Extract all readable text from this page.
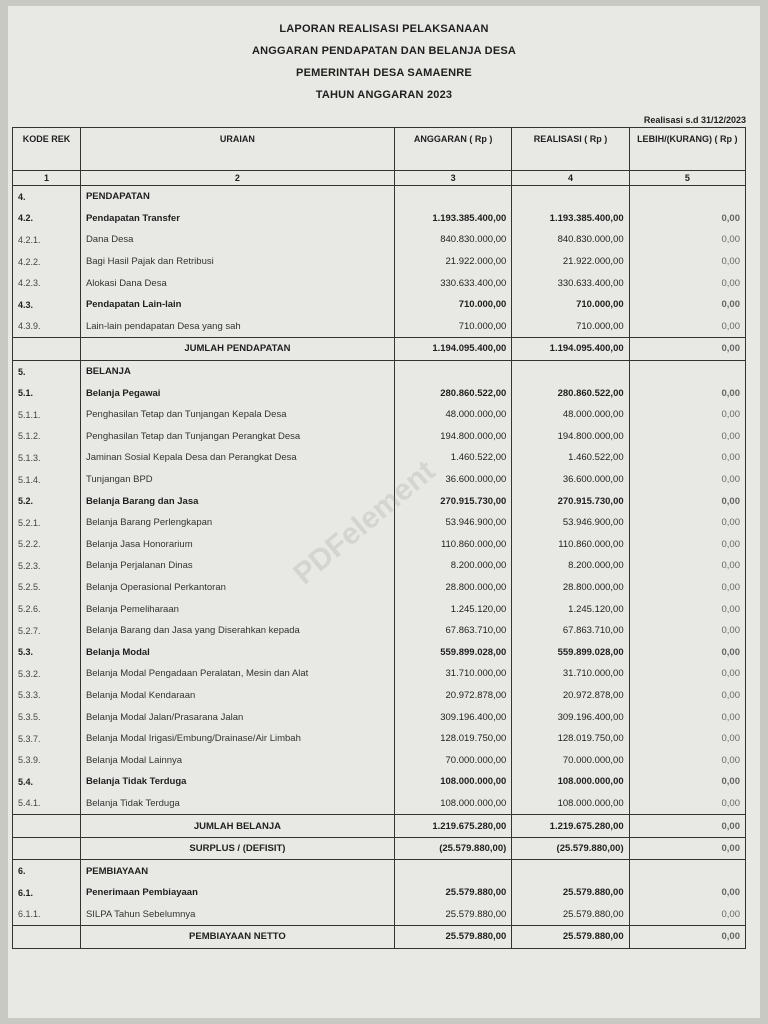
LAPORAN REALISASI PELAKSANAAN
ANGGARAN PENDAPATAN DAN BELANJA DESA
PEMERINTAH DESA SAMAENRE
TAHUN ANGGARAN 2023
Realisasi s.d 31/12/2023
KODE REK	URAIAN	ANGGARAN ( Rp )	REALISASI ( Rp )	LEBIH/(KURANG) ( Rp )
1	2	3	4	5
4.	PENDAPATAN			
4.2.	Pendapatan Transfer	1.193.385.400,00	1.193.385.400,00	0,00
4.2.1.	Dana Desa	840.830.000,00	840.830.000,00	0,00
4.2.2.	Bagi Hasil Pajak dan Retribusi	21.922.000,00	21.922.000,00	0,00
4.2.3.	Alokasi Dana Desa	330.633.400,00	330.633.400,00	0,00
4.3.	Pendapatan Lain-lain	710.000,00	710.000,00	0,00
4.3.9.	Lain-lain pendapatan Desa yang sah	710.000,00	710.000,00	0,00
	JUMLAH PENDAPATAN	1.194.095.400,00	1.194.095.400,00	0,00
5.	BELANJA			
5.1.	Belanja Pegawai	280.860.522,00	280.860.522,00	0,00
5.1.1.	Penghasilan Tetap dan Tunjangan Kepala Desa	48.000.000,00	48.000.000,00	0,00
5.1.2.	Penghasilan Tetap dan Tunjangan Perangkat Desa	194.800.000,00	194.800.000,00	0,00
5.1.3.	Jaminan Sosial Kepala Desa dan Perangkat Desa	1.460.522,00	1.460.522,00	0,00
5.1.4.	Tunjangan BPD	36.600.000,00	36.600.000,00	0,00
5.2.	Belanja Barang dan Jasa	270.915.730,00	270.915.730,00	0,00
5.2.1.	Belanja Barang Perlengkapan	53.946.900,00	53.946.900,00	0,00
5.2.2.	Belanja Jasa Honorarium	110.860.000,00	110.860.000,00	0,00
5.2.3.	Belanja Perjalanan Dinas	8.200.000,00	8.200.000,00	0,00
5.2.5.	Belanja Operasional Perkantoran	28.800.000,00	28.800.000,00	0,00
5.2.6.	Belanja Pemeliharaan	1.245.120,00	1.245.120,00	0,00
5.2.7.	Belanja Barang dan Jasa yang Diserahkan kepada	67.863.710,00	67.863.710,00	0,00
5.3.	Belanja Modal	559.899.028,00	559.899.028,00	0,00
5.3.2.	Belanja Modal Pengadaan Peralatan, Mesin dan Alat	31.710.000,00	31.710.000,00	0,00
5.3.3.	Belanja Modal Kendaraan	20.972.878,00	20.972.878,00	0,00
5.3.5.	Belanja Modal Jalan/Prasarana Jalan	309.196.400,00	309.196.400,00	0,00
5.3.7.	Belanja Modal Irigasi/Embung/Drainase/Air Limbah	128.019.750,00	128.019.750,00	0,00
5.3.9.	Belanja Modal Lainnya	70.000.000,00	70.000.000,00	0,00
5.4.	Belanja Tidak Terduga	108.000.000,00	108.000.000,00	0,00
5.4.1.	Belanja Tidak Terduga	108.000.000,00	108.000.000,00	0,00
	JUMLAH BELANJA	1.219.675.280,00	1.219.675.280,00	0,00
	SURPLUS / (DEFISIT)	(25.579.880,00)	(25.579.880,00)	0,00
6.	PEMBIAYAAN			
6.1.	Penerimaan Pembiayaan	25.579.880,00	25.579.880,00	0,00
6.1.1.	SILPA Tahun Sebelumnya	25.579.880,00	25.579.880,00	0,00
	PEMBIAYAAN NETTO	25.579.880,00	25.579.880,00	0,00
PDFelement
